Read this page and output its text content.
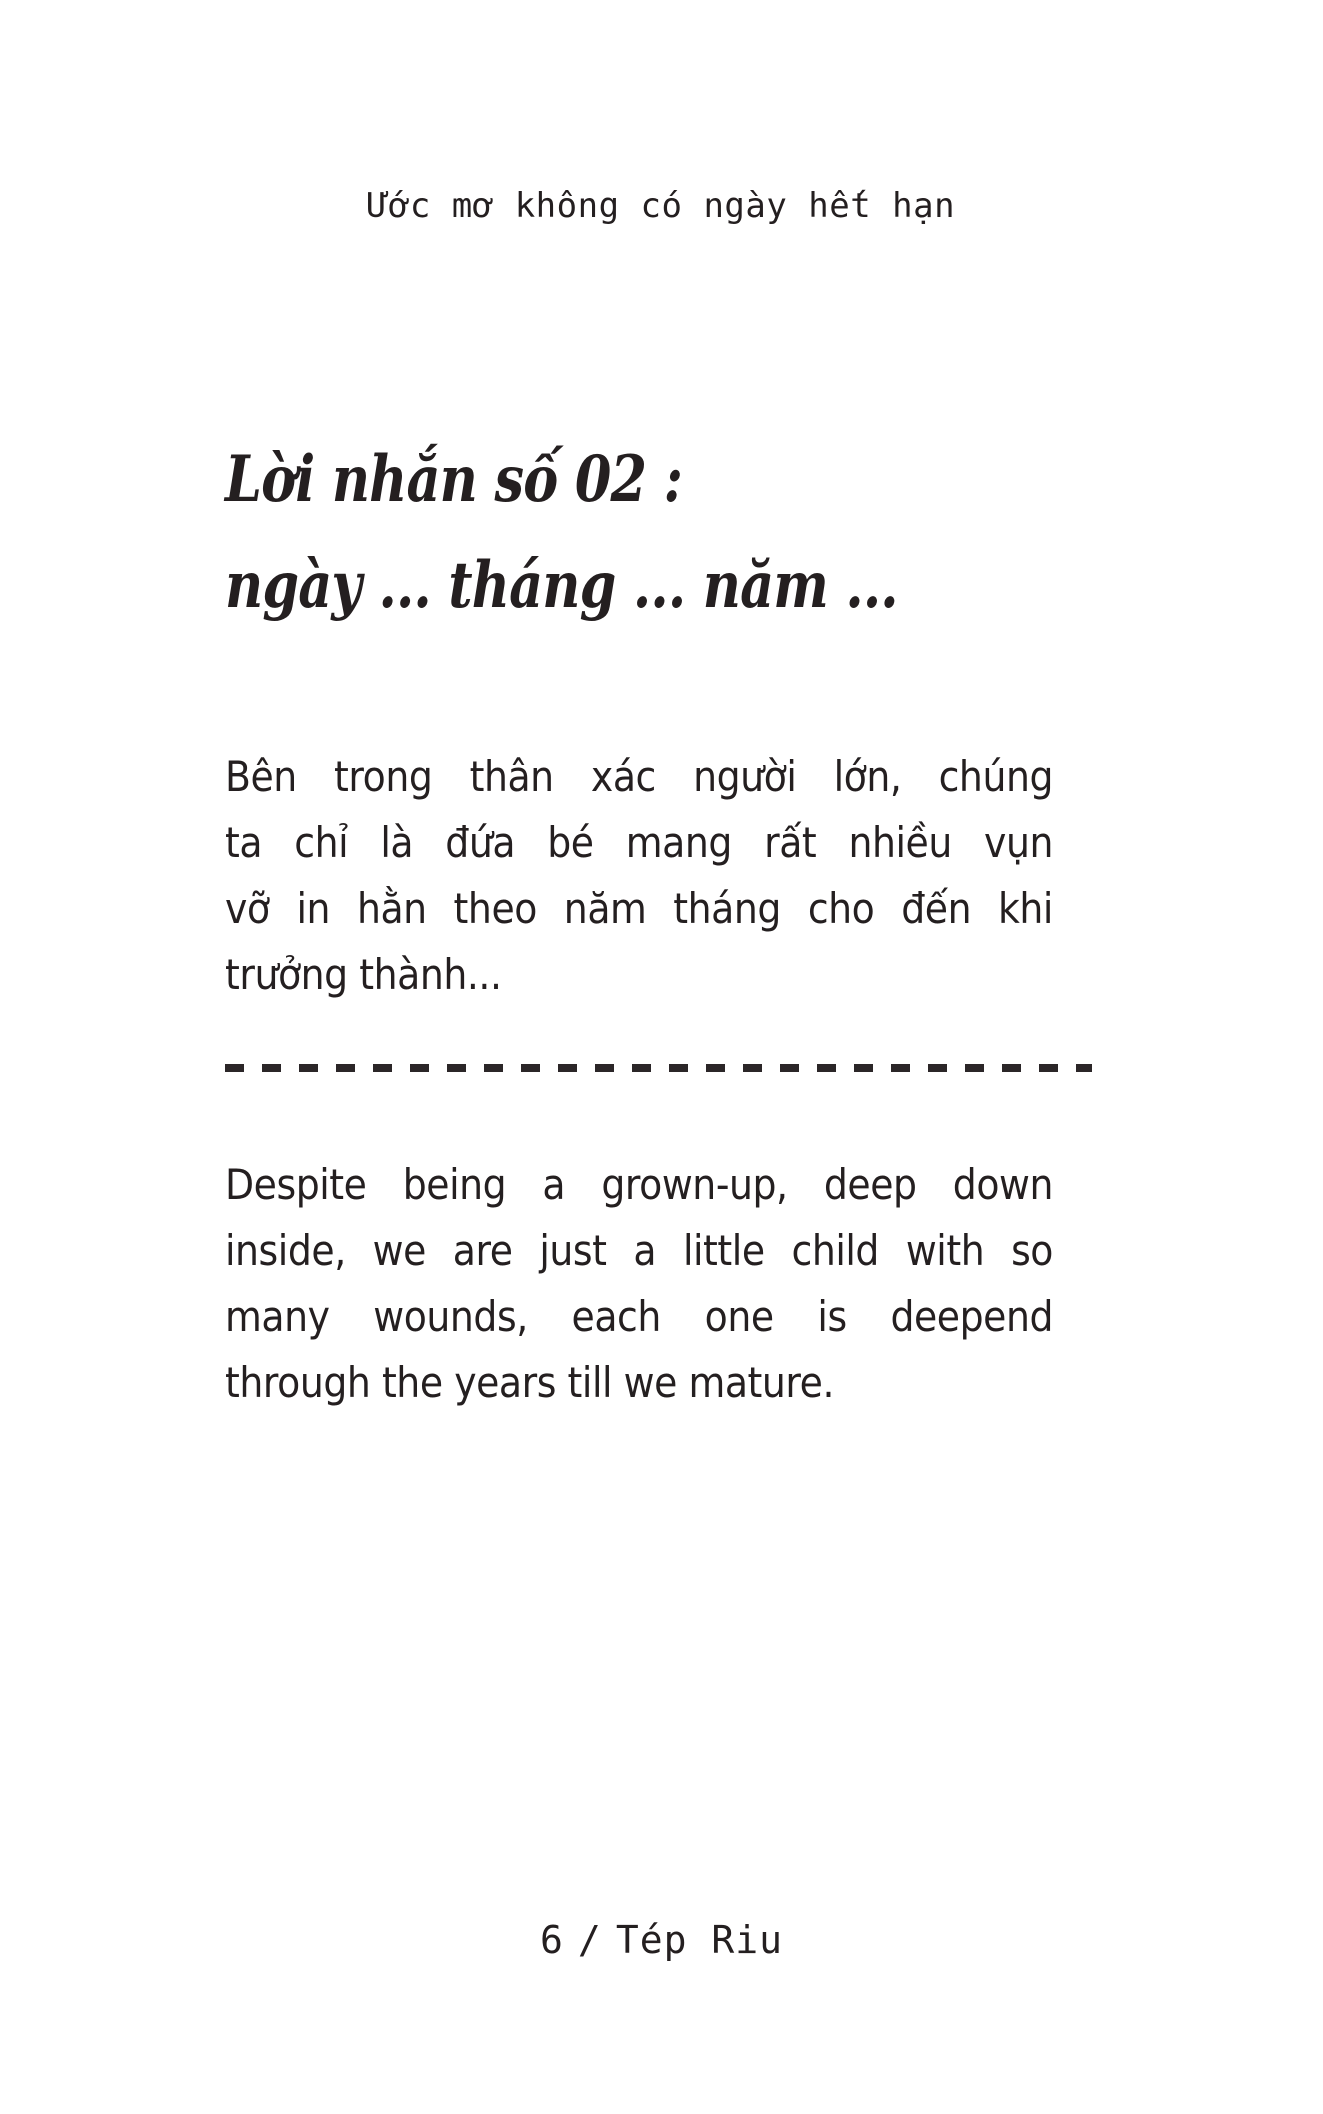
Ước mơ không có ngày hết hạn
Lời nhắn số 02 :
ngày ... tháng ... năm ...
Bên trong thân xác người lớn, chúng
ta chỉ là đứa bé mang rất nhiều vụn
vỡ in hằn theo năm tháng cho đến khi
trưởng thành...
Despite being a grown-up, deep down
inside, we are just a little child with so
many wounds, each one is deepend
through the years till we mature.
6 / Tép Riu
